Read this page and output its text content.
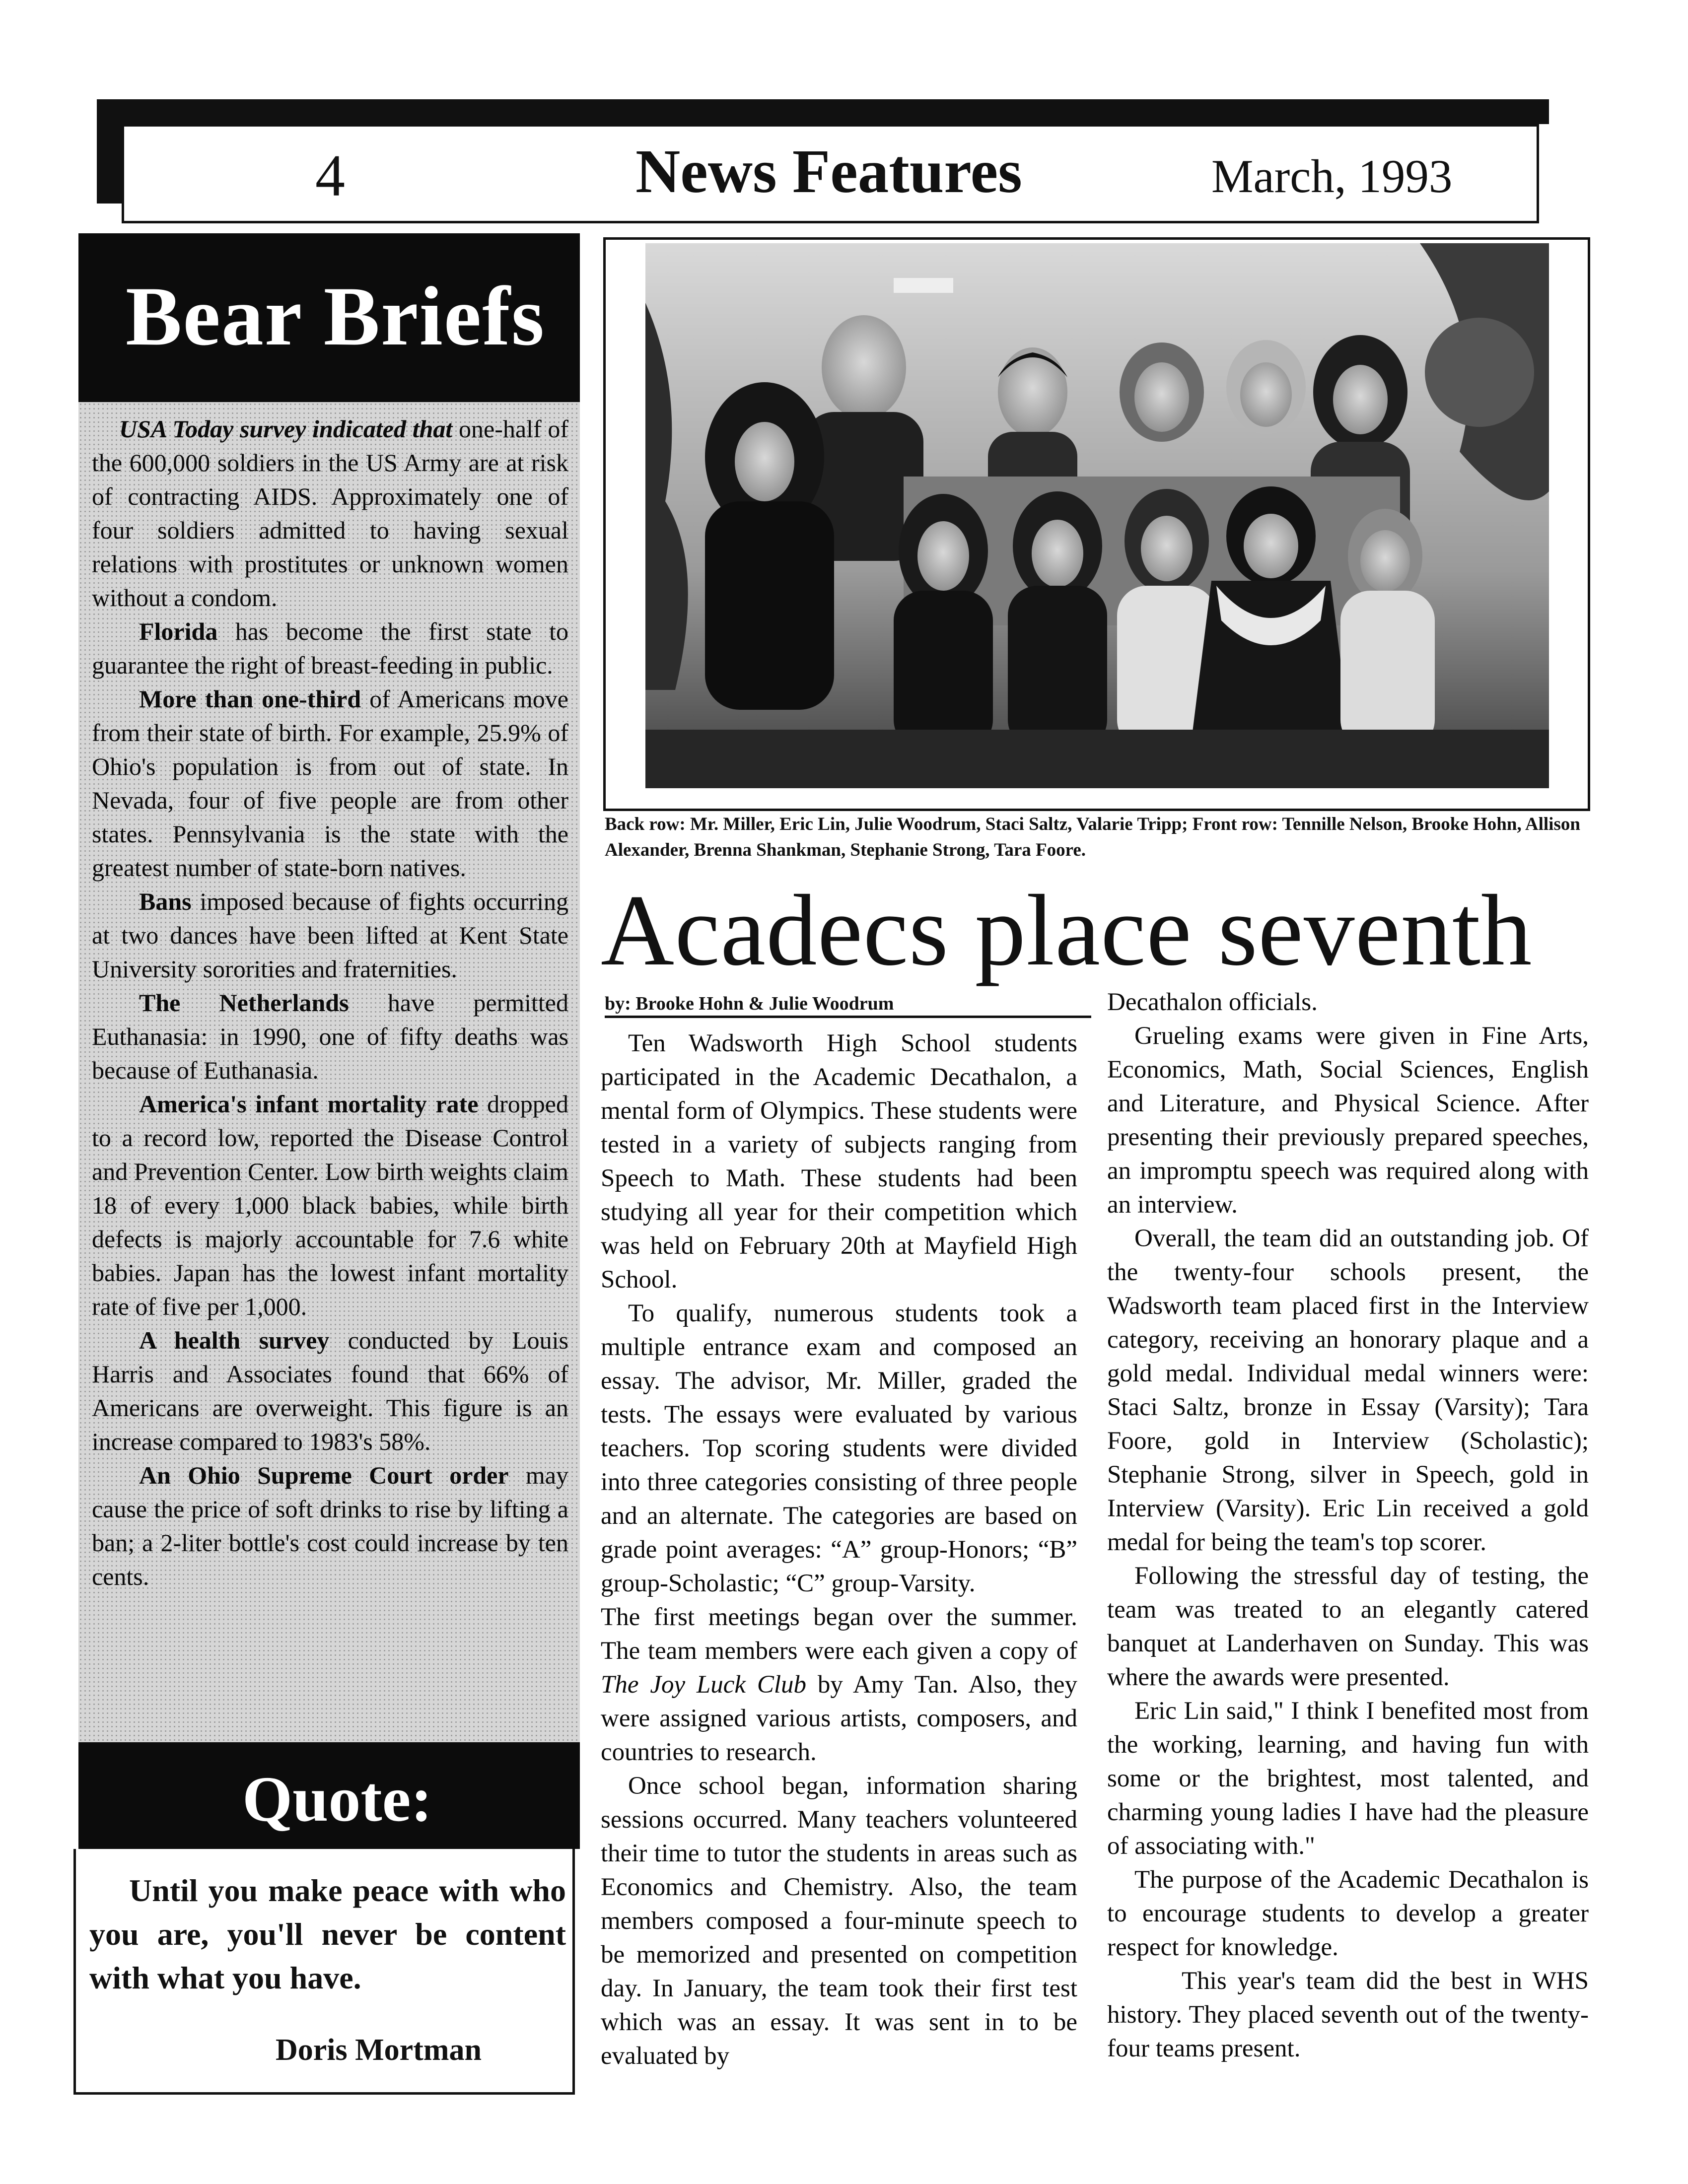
4	News Features	March, 1993
Bear Briefs

USA Today survey indicated that one-half of the 600,000 soldiers in the US Army are at risk of contracting AIDS. Approximately one of four soldiers admitted to having sexual relations with prostitutes or unknown women without a condom.

Florida has become the first state to guarantee the right of breast-feeding in public.

More than one-third of Americans move from their state of birth. For example, 25.9% of Ohio's population is from out of state. In Nevada, four of five people are from other states. Pennsylvania is the state with the greatest number of state-born natives.

Bans imposed because of fights occurring at two dances have been lifted at Kent State University sororities and fraternities.

The Netherlands have permitted Euthanasia: in 1990, one of fifty deaths was because of Euthanasia.

America's infant mortality rate dropped to a record low, reported the Disease Control and Prevention Center. Low birth weights claim 18 of every 1,000 black babies, while birth defects is majorly accountable for 7.6 white babies. Japan has the lowest infant mortality rate of five per 1,000.

A health survey conducted by Louis Harris and Associates found that 66% of Americans are overweight. This figure is an increase compared to 1983's 58%.

An Ohio Supreme Court order may cause the price of soft drinks to rise by lifting a ban; a 2-liter bottle's cost could increase by ten cents.

Quote:
Until you make peace with who you are, you'll never be content with what you have.
Doris Mortman
Back row: Mr. Miller, Eric Lin, Julie Woodrum, Staci Saltz, Valarie Tripp; Front row: Tennille Nelson, Brooke Hohn, Allison Alexander, Brenna Shankman, Stephanie Strong, Tara Foore.
Acadecs place seventh
by: Brooke Hohn & Julie Woodrum

Ten Wadsworth High School students participated in the Academic Decathalon, a mental form of Olympics. These students were tested in a variety of subjects ranging from Speech to Math. These students had been studying all year for their competition which was held on February 20th at Mayfield High School.

To qualify, numerous students took a multiple entrance exam and composed an essay. The advisor, Mr. Miller, graded the tests. The essays were evaluated by various teachers. Top scoring students were divided into three categories consisting of three people and an alternate. The categories are based on grade point averages: “A” group-Honors; “B” group-Scholastic; “C” group-Varsity.

The first meetings began over the summer. The team members were each given a copy of The Joy Luck Club by Amy Tan. Also, they were assigned various artists, composers, and countries to research.

Once school began, information sharing sessions occurred. Many teachers volunteered their time to tutor the students in areas such as Economics and Chemistry. Also, the team members composed a four-minute speech to be memorized and presented on competition day. In January, the team took their first test which was an essay. It was sent in to be evaluated by

Decathalon officials.

Grueling exams were given in Fine Arts, Economics, Math, Social Sciences, English and Literature, and Physical Science. After presenting their previously prepared speeches, an impromptu speech was required along with an interview.

Overall, the team did an outstanding job. Of the twenty-four schools present, the Wadsworth team placed first in the Interview category, receiving an honorary plaque and a gold medal. Individual medal winners were: Staci Saltz, bronze in Essay (Varsity); Tara Foore, gold in Interview (Scholastic); Stephanie Strong, silver in Speech, gold in Interview (Varsity). Eric Lin received a gold medal for being the team's top scorer.

Following the stressful day of testing, the team was treated to an elegantly catered banquet at Landerhaven on Sunday. This was where the awards were presented.

Eric Lin said," I think I benefited most from the working, learning, and having fun with some or the brightest, most talented, and charming young ladies I have had the pleasure of associating with."

The purpose of the Academic Decathalon is to encourage students to develop a greater respect for knowledge.

This year's team did the best in WHS history. They placed seventh out of the twenty-four teams present.
